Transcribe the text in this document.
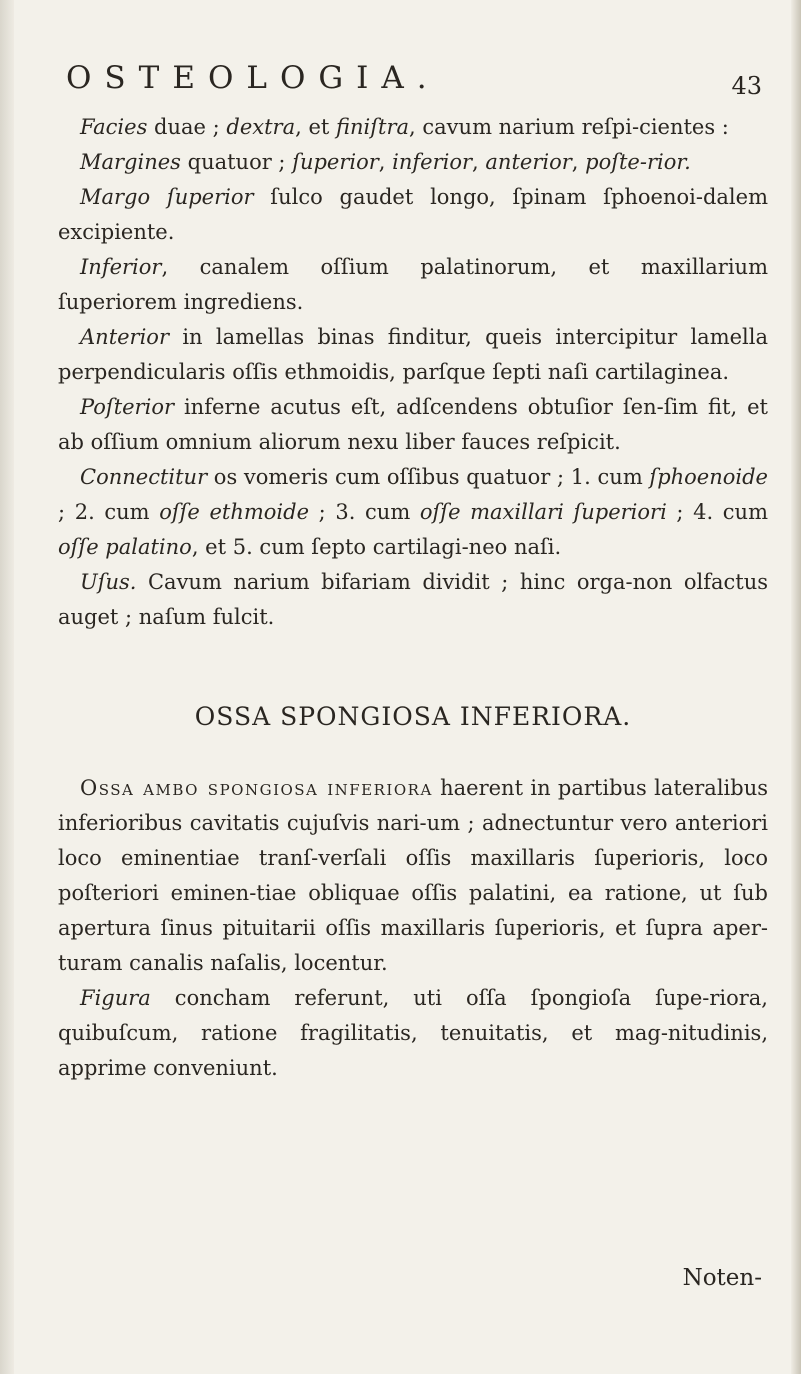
OSTEOLOGIA.	43

Facies duae ; dextra, et finiſtra, cavum narium reſpi-cientes :

Margines quatuor ; ſuperior, inferior, anterior, poſte-rior.

Margo ſuperior ſulco gaudet longo, ſpinam ſphoenoi-dalem excipiente.

Inferior, canalem oſſium palatinorum, et maxillarium ſuperiorem ingrediens.

Anterior in lamellas binas finditur, queis intercipitur lamella perpendicularis oſſis ethmoidis, parſque ſepti naſi cartilaginea.

Poſterior inferne acutus eſt, adſcendens obtuſior ſen-ſim fit, et ab oſſium omnium aliorum nexu liber fauces reſpicit.

Connectitur os vomeris cum oſſibus quatuor ; 1. cum ſphoenoide ; 2. cum oſſe ethmoide ; 3. cum oſſe maxillari ſuperiori ; 4. cum oſſe palatino, et 5. cum ſepto cartilagi-neo naſi.

Uſus. Cavum narium bifariam dividit ; hinc orga-non olfactus auget ; naſum fulcit.

OSSA SPONGIOSA INFERIORA.

Ossa ambo spongiosa inferiora haerent in partibus lateralibus inferioribus cavitatis cujuſvis nari-um ; adnectuntur vero anteriori loco eminentiae tranſ-verſali oſſis maxillaris ſuperioris, loco poſteriori eminen-tiae obliquae oſſis palatini, ea ratione, ut ſub apertura ſinus pituitarii oſſis maxillaris ſuperioris, et ſupra aper-turam canalis naſalis, locentur.

Figura concham referunt, uti oſſa ſpongioſa ſupe-riora, quibuſcum, ratione fragilitatis, tenuitatis, et mag-nitudinis, apprime conveniunt.

Noten-
